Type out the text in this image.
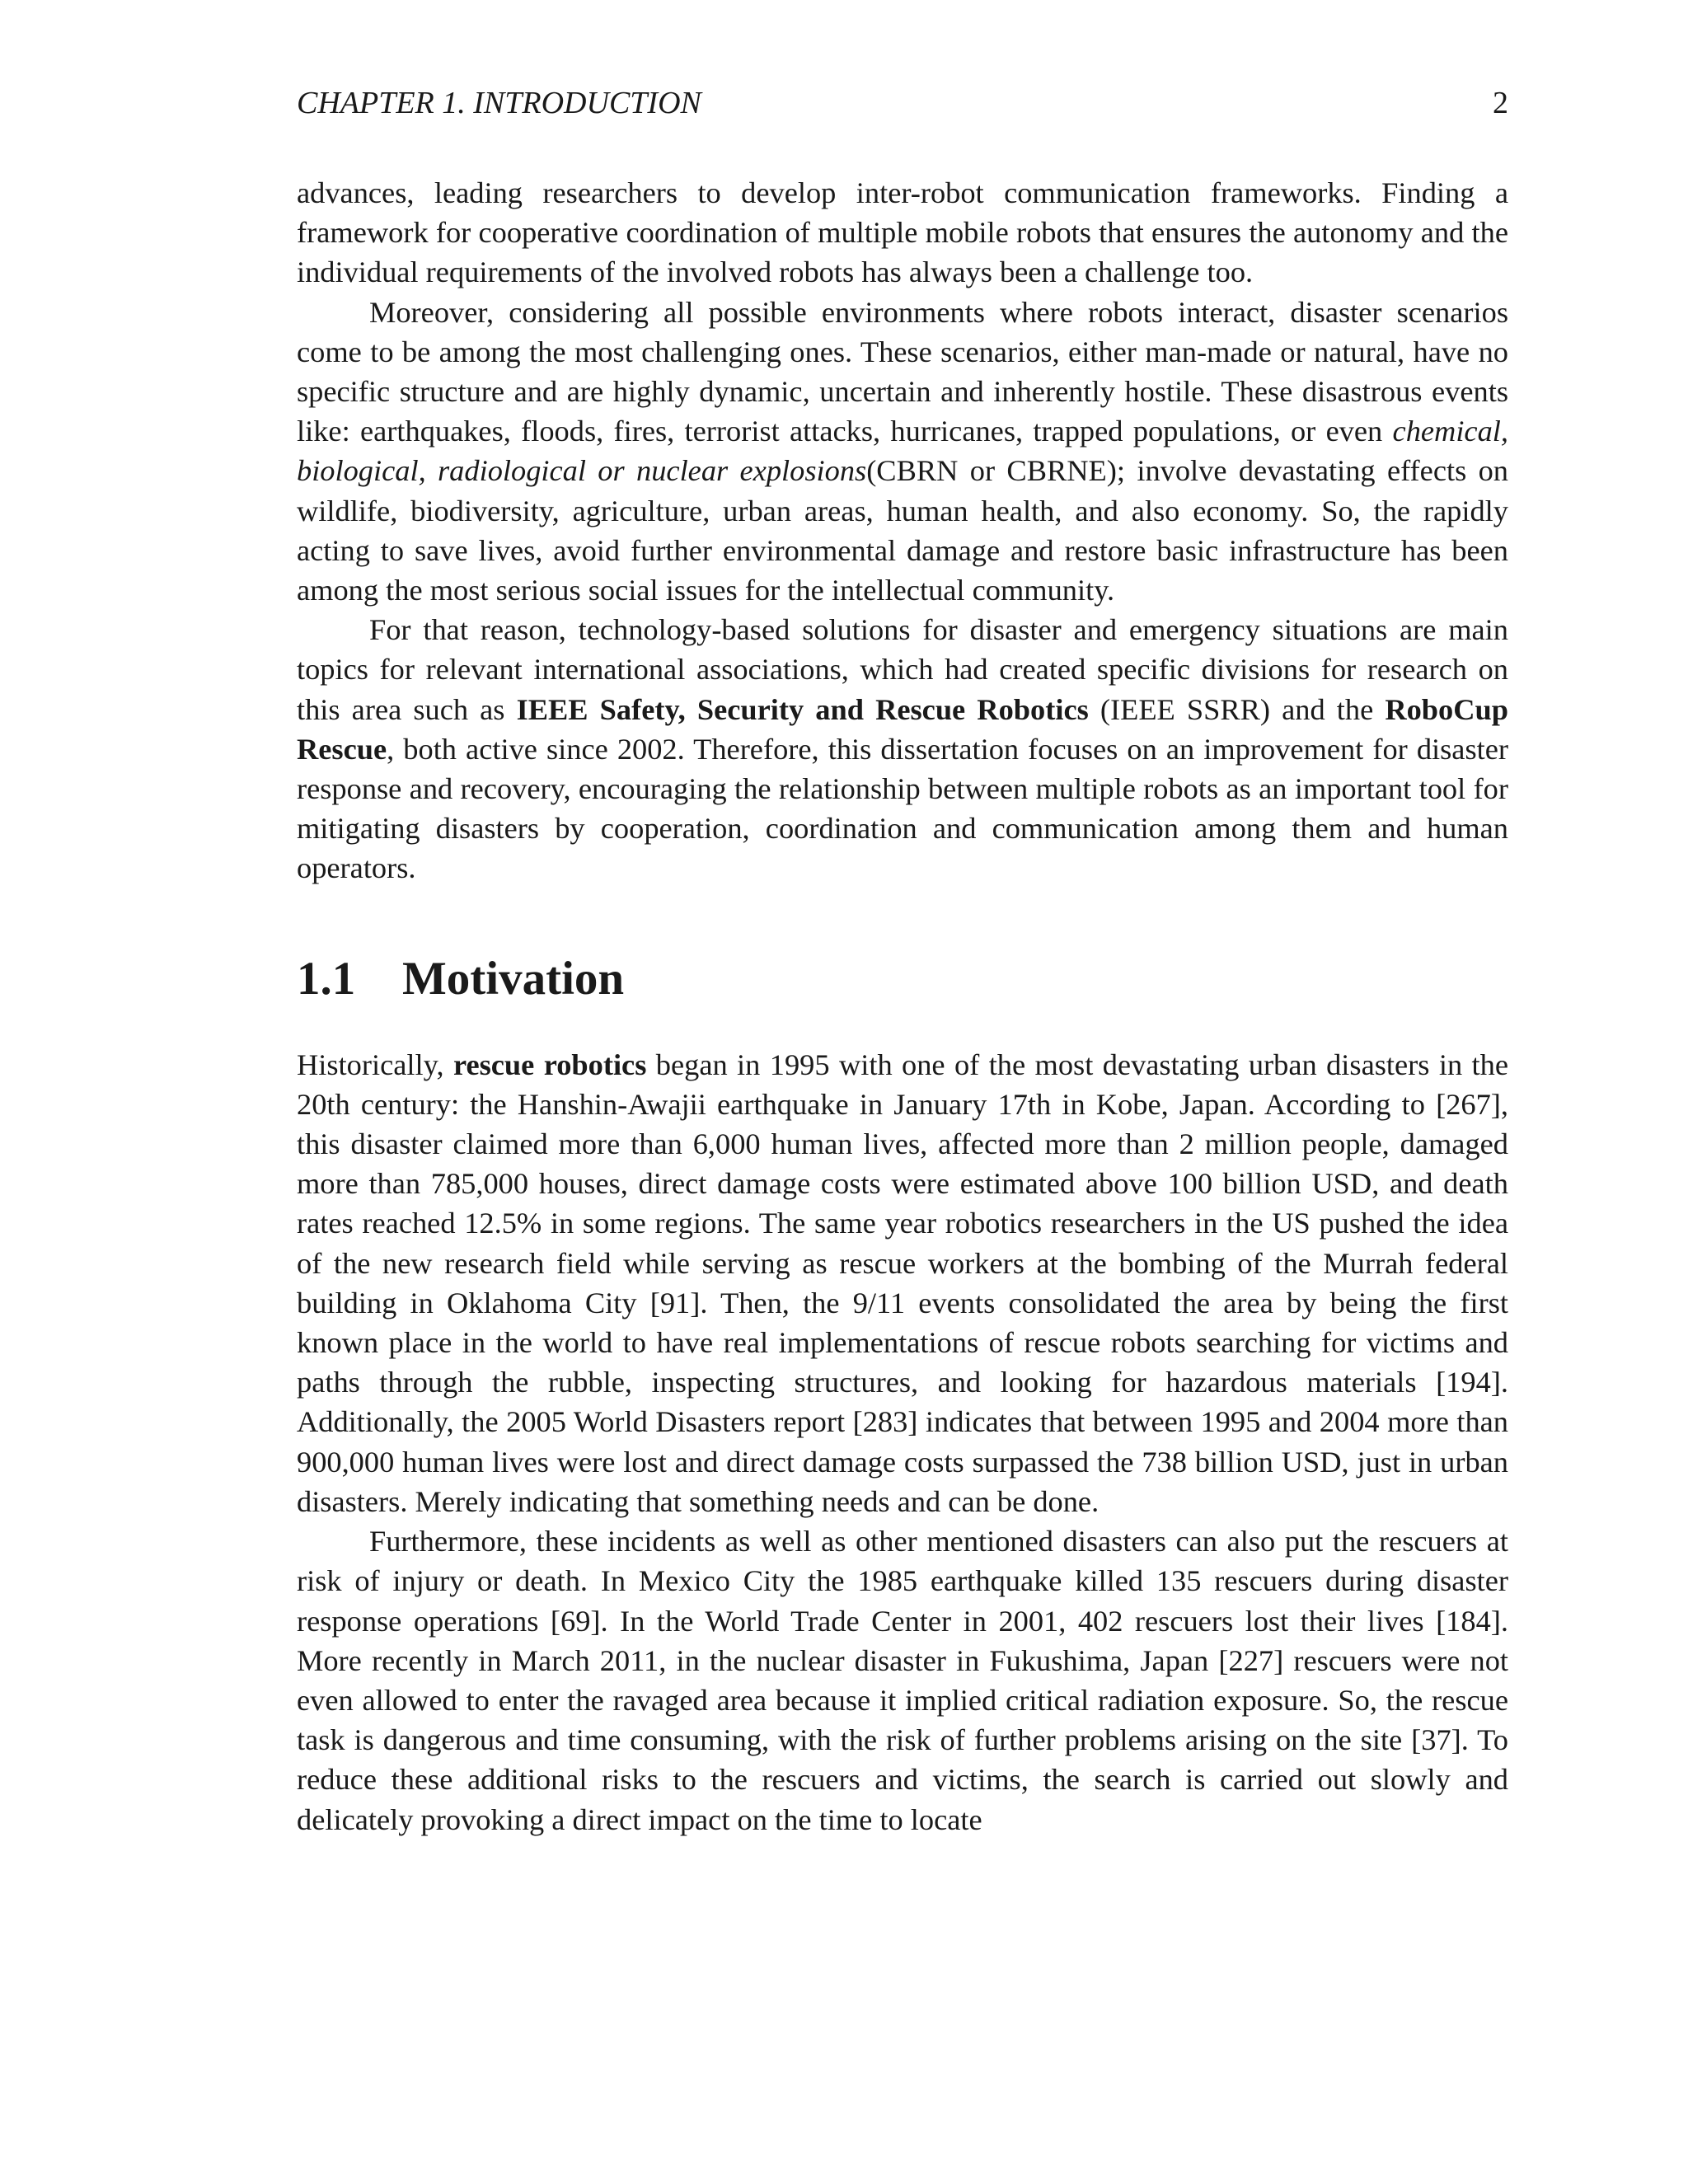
CHAPTER 1. INTRODUCTION	2

advances, leading researchers to develop inter-robot communication frameworks. Finding a framework for cooperative coordination of multiple mobile robots that ensures the autonomy and the individual requirements of the involved robots has always been a challenge too.

Moreover, considering all possible environments where robots interact, disaster scenarios come to be among the most challenging ones. These scenarios, either man-made or natural, have no specific structure and are highly dynamic, uncertain and inherently hostile. These disastrous events like: earthquakes, floods, fires, terrorist attacks, hurricanes, trapped populations, or even chemical, biological, radiological or nuclear explosions(CBRN or CBRNE); involve devastating effects on wildlife, biodiversity, agriculture, urban areas, human health, and also economy. So, the rapidly acting to save lives, avoid further environmental damage and restore basic infrastructure has been among the most serious social issues for the intellectual community.

For that reason, technology-based solutions for disaster and emergency situations are main topics for relevant international associations, which had created specific divisions for research on this area such as IEEE Safety, Security and Rescue Robotics (IEEE SSRR) and the RoboCup Rescue, both active since 2002. Therefore, this dissertation focuses on an improvement for disaster response and recovery, encouraging the relationship between multiple robots as an important tool for mitigating disasters by cooperation, coordination and communication among them and human operators.

1.1 Motivation

Historically, rescue robotics began in 1995 with one of the most devastating urban disasters in the 20th century: the Hanshin-Awajii earthquake in January 17th in Kobe, Japan. According to [267], this disaster claimed more than 6,000 human lives, affected more than 2 million people, damaged more than 785,000 houses, direct damage costs were estimated above 100 billion USD, and death rates reached 12.5% in some regions. The same year robotics researchers in the US pushed the idea of the new research field while serving as rescue workers at the bombing of the Murrah federal building in Oklahoma City [91]. Then, the 9/11 events consolidated the area by being the first known place in the world to have real implementations of rescue robots searching for victims and paths through the rubble, inspecting structures, and looking for hazardous materials [194]. Additionally, the 2005 World Disasters report [283] indicates that between 1995 and 2004 more than 900,000 human lives were lost and direct damage costs surpassed the 738 billion USD, just in urban disasters. Merely indicating that something needs and can be done.

Furthermore, these incidents as well as other mentioned disasters can also put the rescuers at risk of injury or death. In Mexico City the 1985 earthquake killed 135 rescuers during disaster response operations [69]. In the World Trade Center in 2001, 402 rescuers lost their lives [184]. More recently in March 2011, in the nuclear disaster in Fukushima, Japan [227] rescuers were not even allowed to enter the ravaged area because it implied critical radiation exposure. So, the rescue task is dangerous and time consuming, with the risk of further problems arising on the site [37]. To reduce these additional risks to the rescuers and victims, the search is carried out slowly and delicately provoking a direct impact on the time to locate
